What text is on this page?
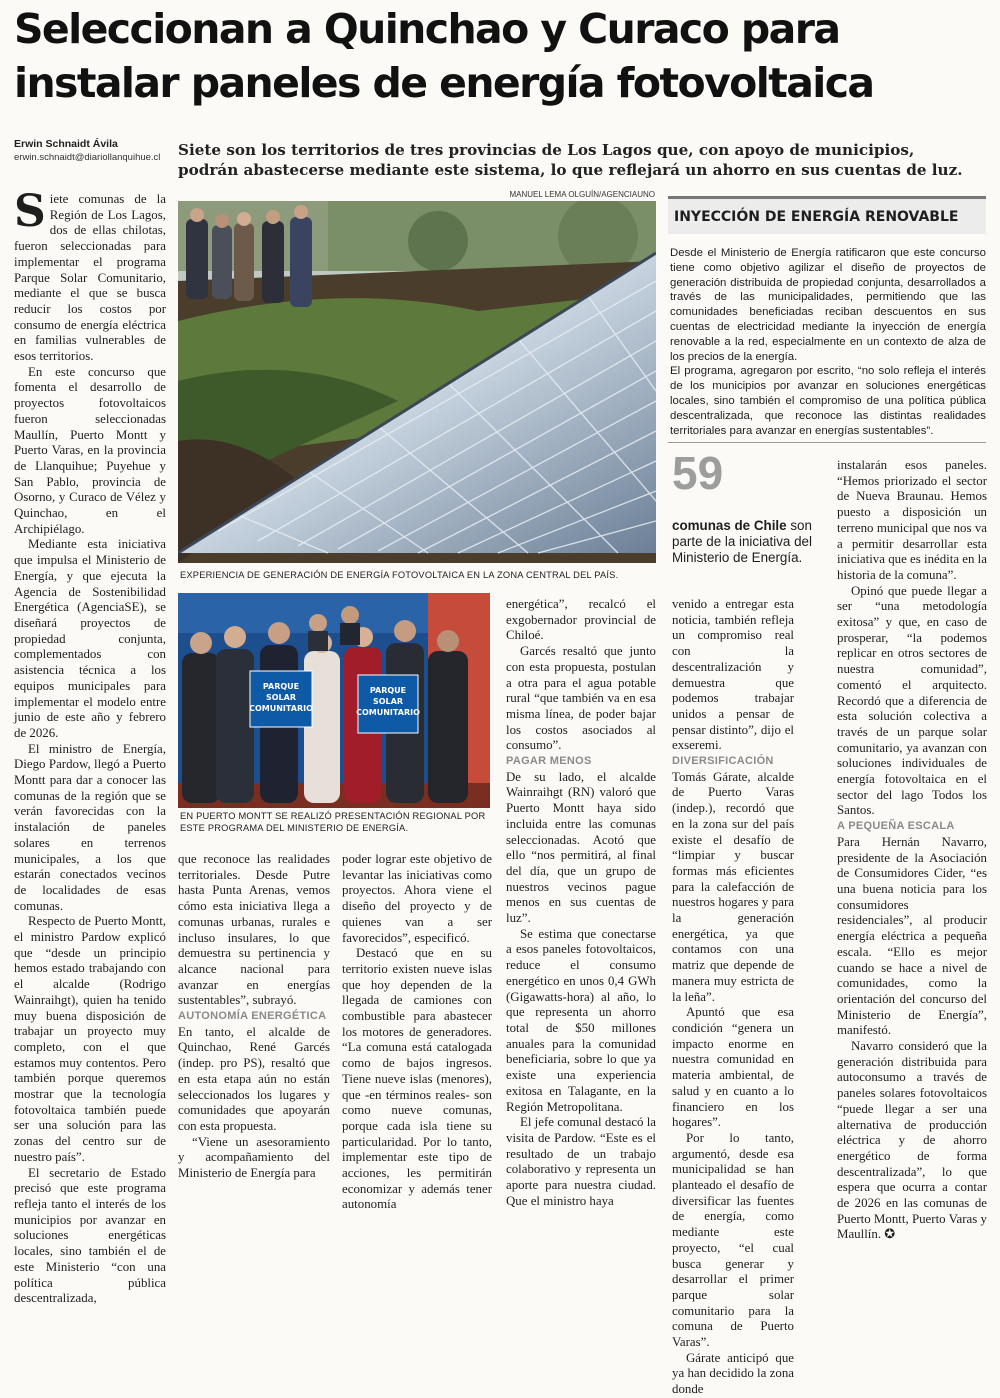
Seleccionan a Quinchao y Curaco para
instalar paneles de energía fotovoltaica
Erwin Schnaidt Ávila
erwin.schnaidt@diariollanquihue.cl	Siete son los territorios de tres provincias de Los Lagos que, con apoyo de municipios, podrán abastecerse mediante este sistema, lo que reflejará un ahorro en sus cuentas de luz.

Siete comunas de la Región de Los Lagos, dos de ellas chilotas, fueron seleccionadas para implementar el programa Parque Solar Comunitario, mediante el que se busca reducir los costos por consumo de energía eléctrica en familias vulnerables de esos territorios.

En este concurso que fomenta el desarrollo de proyectos fotovoltaicos fueron seleccionadas Maullín, Puerto Montt y Puerto Varas, en la provincia de Llanquihue; Puyehue y San Pablo, provincia de Osorno, y Curaco de Vélez y Quinchao, en el Archipiélago.

Mediante esta iniciativa que impulsa el Ministerio de Energía, y que ejecuta la Agencia de Sostenibilidad Energética (AgenciaSE), se diseñará proyectos de propiedad conjunta, complementados con asistencia técnica a los equipos municipales para implementar el modelo entre junio de este año y febrero de 2026.

El ministro de Energía, Diego Pardow, llegó a Puerto Montt para dar a conocer las comunas de la región que se verán favorecidas con la instalación de paneles solares en terrenos municipales, a los que estarán conectados vecinos de localidades de esas comunas.

Respecto de Puerto Montt, el ministro Pardow explicó que “desde un principio hemos estado trabajando con el alcalde (Rodrigo Wainraihgt), quien ha tenido muy buena disposición de trabajar un proyecto muy completo, con el que estamos muy contentos. Pero también porque queremos mostrar que la tecnología fotovoltaica también puede ser una solución para las zonas del centro sur de nuestro país”.

El secretario de Estado precisó que este programa refleja tanto el interés de los municipios por avanzar en soluciones energéticas locales, sino también el de este Ministerio “con una política pública descentralizada,

MANUEL LEMA OLGUÍN/AGENCIAUNO
EXPERIENCIA DE GENERACIÓN DE ENERGÍA FOTOVOLTAICA EN LA ZONA CENTRAL DEL PAÍS.
PARQUE
SOLAR
COMUNITARIO
PARQUE
SOLAR
COMUNITARIO
EN PUERTO MONTT SE REALIZÓ PRESENTACIÓN REGIONAL POR ESTE PROGRAMA DEL MINISTERIO DE ENERGÍA.

que reconoce las realidades territoriales. Desde Putre hasta Punta Arenas, vemos cómo esta iniciativa llega a comunas urbanas, rurales e incluso insulares, lo que demuestra su pertinencia y alcance nacional para avanzar en energías sustentables”, subrayó.

AUTONOMÍA ENERGÉTICA

En tanto, el alcalde de Quinchao, René Garcés (indep. pro PS), resaltó que en esta etapa aún no están seleccionados los lugares y comunidades que apoyarán con esta propuesta.

“Viene un asesoramiento y acompañamiento del Ministerio de Energía para

poder lograr este objetivo de levantar las iniciativas como proyectos. Ahora viene el diseño del proyecto y de quienes van a ser favorecidos”, especificó.

Destacó que en su territorio existen nueve islas que hoy dependen de la llegada de camiones con combustible para abastecer los motores de generadores. “La comuna está catalogada como de bajos ingresos. Tiene nueve islas (menores), que -en términos reales- son como nueve comunas, porque cada isla tiene su particularidad. Por lo tanto, implementar este tipo de acciones, les permitirán economizar y además tener autonomía

energética”, recalcó el exgobernador provincial de Chiloé.

Garcés resaltó que junto con esta propuesta, postulan a otra para el agua potable rural “que también va en esa misma línea, de poder bajar los costos asociados al consumo”.

PAGAR MENOS

De su lado, el alcalde Wainraihgt (RN) valoró que Puerto Montt haya sido incluida entre las comunas seleccionadas. Acotó que ello “nos permitirá, al final del día, que un grupo de nuestros vecinos pague menos en sus cuentas de luz”.

Se estima que conectarse a esos paneles fotovoltaicos, reduce el consumo energético en unos 0,4 GWh (Gigawatts-hora) al año, lo que representa un ahorro total de $50 millones anuales para la comunidad beneficiaria, sobre lo que ya existe una experiencia exitosa en Talagante, en la Región Metropolitana.

El jefe comunal destacó la visita de Pardow. “Este es el resultado de un trabajo colaborativo y representa un aporte para nuestra ciudad. Que el ministro haya

INYECCIÓN DE ENERGÍA RENOVABLE

Desde el Ministerio de Energía ratificaron que este concurso tiene como objetivo agilizar el diseño de proyectos de generación distribuida de propiedad conjunta, desarrollados a través de las municipalidades, permitiendo que las comunidades beneficiadas reciban descuentos en sus cuentas de electricidad mediante la inyección de energía renovable a la red, especialmente en un contexto de alza de los precios de la energía.

El programa, agregaron por escrito, “no solo refleja el interés de los municipios por avanzar en soluciones energéticas locales, sino también el compromiso de una política pública descentralizada, que reconoce las distintas realidades territoriales para avanzar en energías sustentables”.

59
comunas de Chile son parte de la iniciativa del Ministerio de Energía.

venido a entregar esta noticia, también refleja un compromiso real con la descentralización y demuestra que podemos trabajar unidos a pensar de pensar distinto”, dijo el exseremi.

DIVERSIFICACIÓN

Tomás Gárate, alcalde de Puerto Varas (indep.), recordó que en la zona sur del país existe el desafío de “limpiar y buscar formas más eficientes para la calefacción de nuestros hogares y para la generación energética, ya que contamos con una matriz que depende de manera muy estricta de la leña”.

Apuntó que esa condición “genera un impacto enorme en nuestra comunidad en materia ambiental, de salud y en cuanto a lo financiero en los hogares”.

Por lo tanto, argumentó, desde esa municipalidad se han planteado el desafío de diversificar las fuentes de energía, como mediante este proyecto, “el cual busca generar y desarrollar el primer parque solar comunitario para la comuna de Puerto Varas”.

Gárate anticipó que ya han decidido la zona donde

instalarán esos paneles. “Hemos priorizado el sector de Nueva Braunau. Hemos puesto a disposición un terreno municipal que nos va a permitir desarrollar esta iniciativa que es inédita en la historia de la comuna”.

Opinó que puede llegar a ser “una metodología exitosa” y que, en caso de prosperar, “la podemos replicar en otros sectores de nuestra comunidad”, comentó el arquitecto. Recordó que a diferencia de esta solución colectiva a través de un parque solar comunitario, ya avanzan con soluciones individuales de energía fotovoltaica en el sector del lago Todos los Santos.

A PEQUEÑA ESCALA

Para Hernán Navarro, presidente de la Asociación de Consumidores Cider, “es una buena noticia para los consumidores residenciales”, al producir energía eléctrica a pequeña escala. “Ello es mejor cuando se hace a nivel de comunidades, como la orientación del concurso del Ministerio de Energía”, manifestó.

Navarro consideró que la generación distribuida para autoconsumo a través de paneles solares fotovoltaicos “puede llegar a ser una alternativa de producción eléctrica y de ahorro energético de forma descentralizada”, lo que espera que ocurra a contar de 2026 en las comunas de Puerto Montt, Puerto Varas y Maullín. ✪
